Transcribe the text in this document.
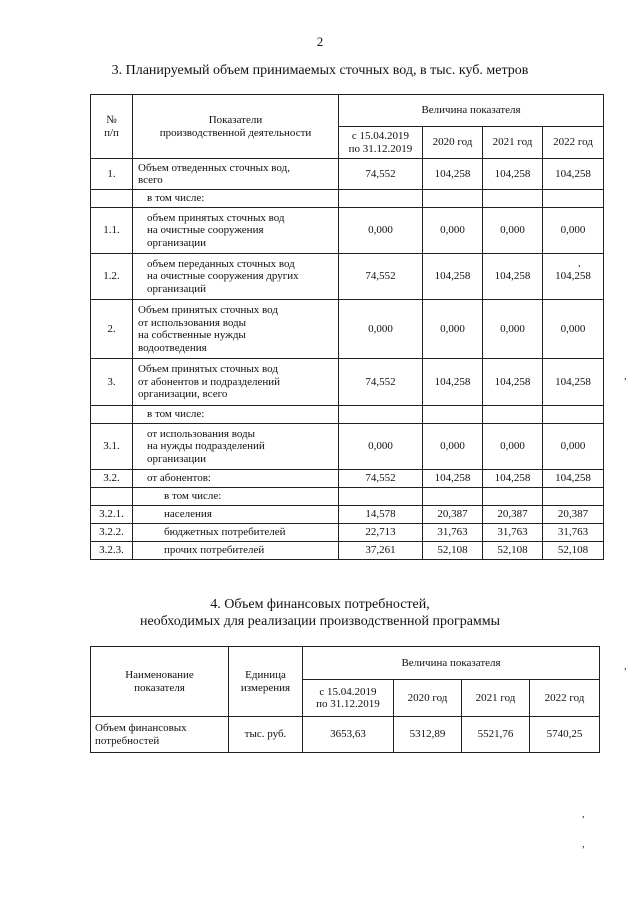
2
3. Планируемый объем принимаемых сточных вод, в тыс. куб. метров
№
п/п	Показатели
производственной деятельности	Величина показателя			
		с 15.04.2019
по 31.12.2019	2020 год	2021 год	2022 год
1.	Объем отведенных сточных вод,
всего	74,552	104,258	104,258	104,258
	в том числе:				
1.1.	объем принятых сточных вод
на очистные сооружения
организации	0,000	0,000	0,000	0,000
1.2.	объем переданных сточных вод
на очистные сооружения других
организаций	74,552	104,258	104,258	104,258
2.	Объем принятых сточных вод
от использования воды
на собственные нужды
водоотведения	0,000	0,000	0,000	0,000
3.	Объем принятых сточных вод
от абонентов и подразделений
организации, всего	74,552	104,258	104,258	104,258
	в том числе:				
3.1.	от использования воды
на нужды подразделений
организации	0,000	0,000	0,000	0,000
3.2.	от абонентов:	74,552	104,258	104,258	104,258
	в том числе:				
3.2.1.	населения	14,578	20,387	20,387	20,387
3.2.2.	бюджетных потребителей	22,713	31,763	31,763	31,763
3.2.3.	прочих потребителей	37,261	52,108	52,108	52,108
4. Объем финансовых потребностей,
необходимых для реализации производственной программы
Наименование
показателя	Единица
измерения	Величина показателя			
		с 15.04.2019
по 31.12.2019	2020 год	2021 год	2022 год
Объем финансовых
потребностей	тыс. руб.	3653,63	5312,89	5521,76	5740,25
,
,
,
,
,
